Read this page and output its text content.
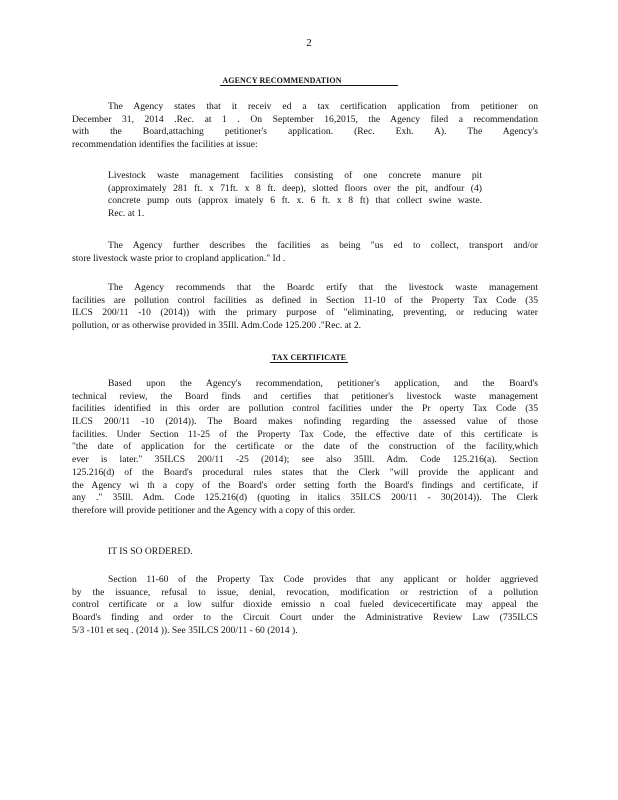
2
AGENCY RECOMMENDATION
The Agency states that it receiv ed a tax certification application from petitioner on
December 31, 2014 .Rec. at 1 . On September 16,2015, the Agency filed a recommendation
with the Board,attaching petitioner's application. (Rec. Exh. A). The Agency's
recommendation identifies the facilities at issue:
Livestock waste management facilities consisting of one concrete manure pit
(approximately 281 ft. x 71ft. x 8 ft. deep), slotted floors over the pit, andfour (4)
concrete pump outs (approx imately 6 ft. x. 6 ft. x 8 ft) that collect swine waste.
Rec. at 1.
The Agency further describes the facilities as being "us ed to collect, transport and/or
store livestock waste prior to cropland application." Id .
The Agency recommends that the Boardc ertify that the livestock waste management
facilities are pollution control facilities as defined in Section 11-10 of the Property Tax Code (35
ILCS 200/11 -10 (2014)) with the primary purpose of "eliminating, preventing, or reducing water
pollution, or as otherwise provided in 35Ill. Adm.Code 125.200 ."Rec. at 2.
TAX CERTIFICATE
Based upon the Agency's recommendation, petitioner's application, and the Board's
technical review, the Board finds and certifies that petitioner's livestock waste management
facilities identified in this order are pollution control facilities under the Pr operty Tax Code (35
ILCS 200/11 -10 (2014)). The Board makes nofinding regarding the assessed value of those
facilities. Under Section 11-25 of the Property Tax Code, the effective date of this certificate is
"the date of application for the certificate or the date of the construction of the facility,which
ever is later." 35ILCS 200/11 -25 (2014); see also 35Ill. Adm. Code 125.216(a). Section
125.216(d) of the Board's procedural rules states that the Clerk "will provide the applicant and
the Agency wi th a copy of the Board's order setting forth the Board's findings and certificate, if
any ." 35Ill. Adm. Code 125.216(d) (quoting in italics 35ILCS 200/11 - 30(2014)). The Clerk
therefore will provide petitioner and the Agency with a copy of this order.
IT IS SO ORDERED.
Section 11-60 of the Property Tax Code provides that any applicant or holder aggrieved
by the issuance, refusal to issue, denial, revocation, modification or restriction of a pollution
control certificate or a low sulfur dioxide emissio n coal fueled devicecertificate may appeal the
Board's finding and order to the Circuit Court under the Administrative Review Law (735ILCS
5/3 -101 et seq . (2014 )). See 35ILCS 200/11 - 60 (2014 ).
